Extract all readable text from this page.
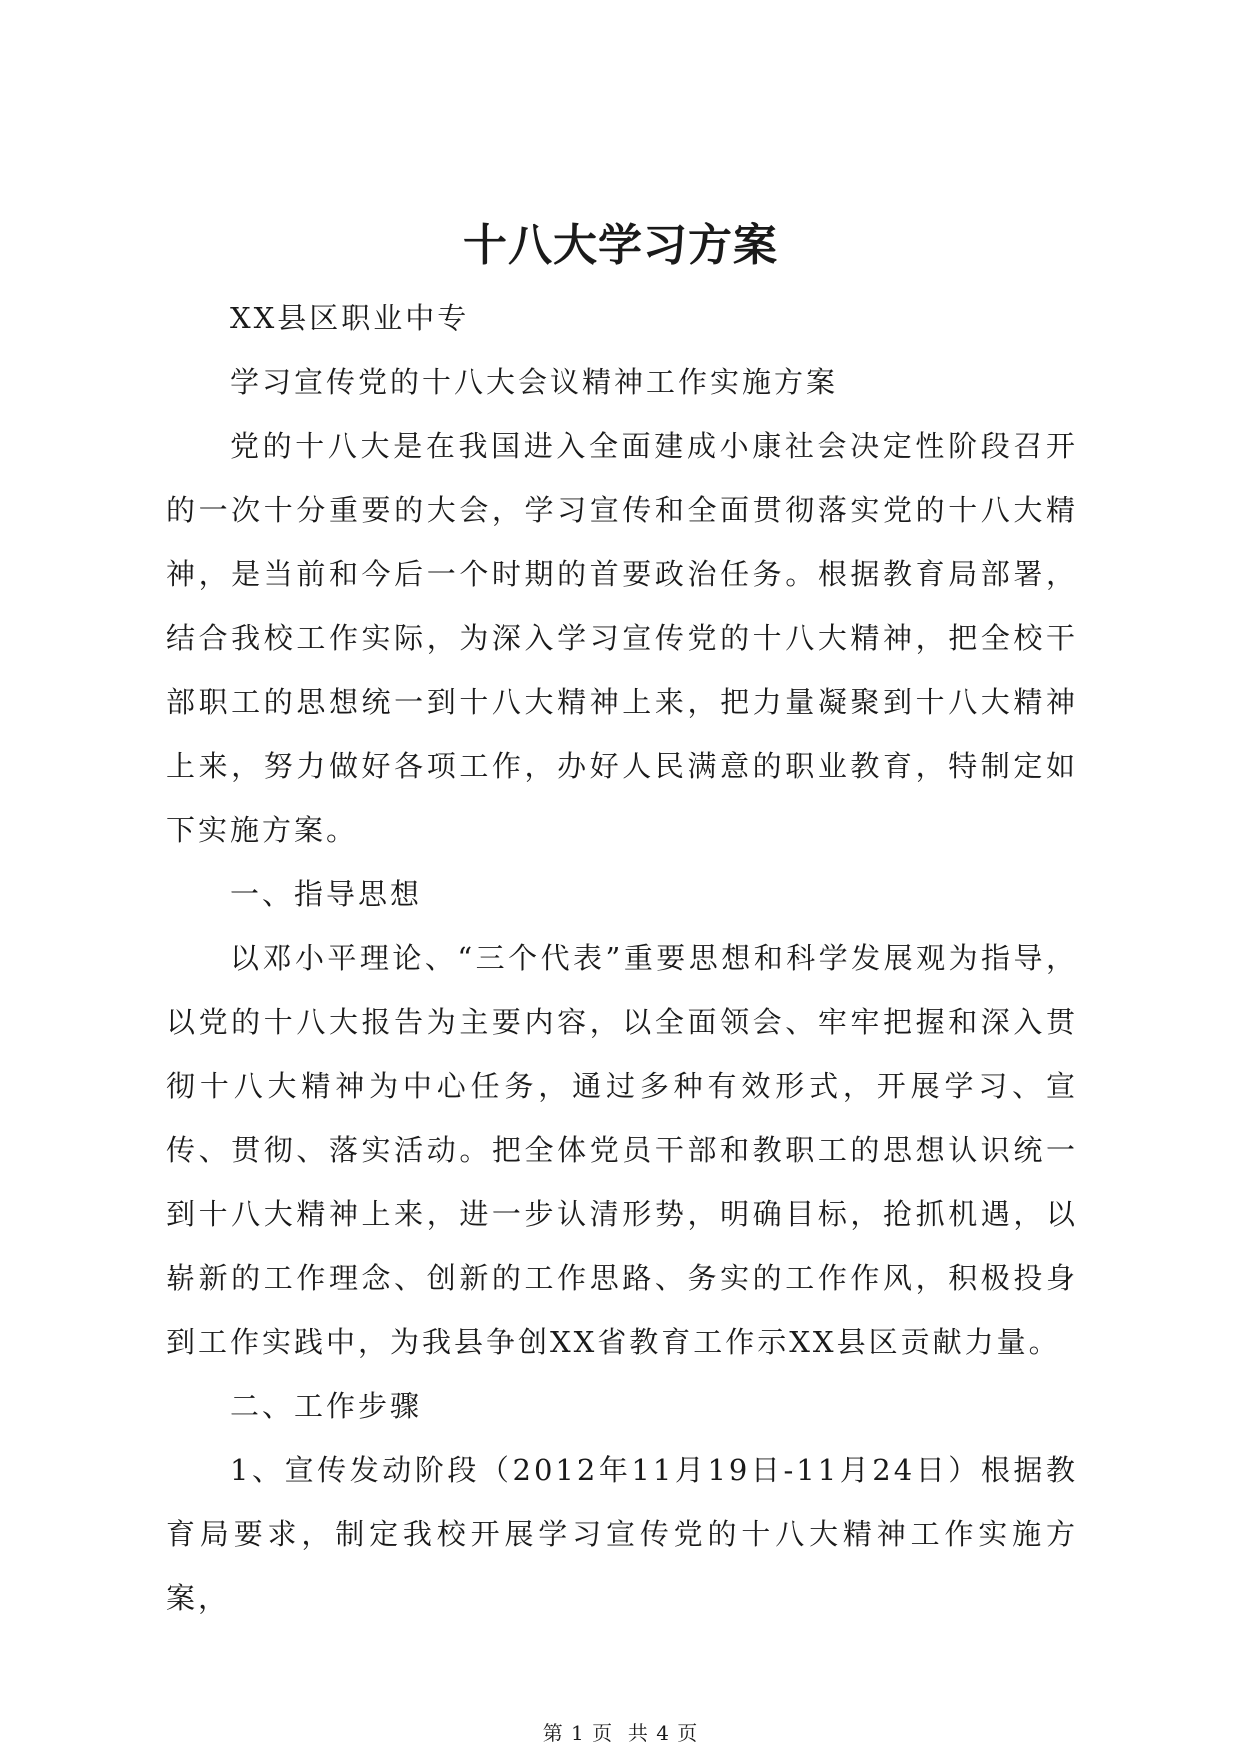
十八大学习方案

XX县区职业中专

学习宣传党的十八大会议精神工作实施方案

党的十八大是在我国进入全面建成小康社会决定性阶段召开的一次十分重要的大会，学习宣传和全面贯彻落实党的十八大精神，是当前和今后一个时期的首要政治任务。根据教育局部署，结合我校工作实际，为深入学习宣传党的十八大精神，把全校干部职工的思想统一到十八大精神上来，把力量凝聚到十八大精神上来，努力做好各项工作，办好人民满意的职业教育，特制定如下实施方案。

一、指导思想

以邓小平理论、“三个代表”重要思想和科学发展观为指导，以党的十八大报告为主要内容，以全面领会、牢牢把握和深入贯彻十八大精神为中心任务，通过多种有效形式，开展学习、宣传、贯彻、落实活动。把全体党员干部和教职工的思想认识统一到十八大精神上来，进一步认清形势，明确目标，抢抓机遇，以崭新的工作理念、创新的工作思路、务实的工作作风，积极投身到工作实践中，为我县争创XX省教育工作示XX县区贡献力量。

二、工作步骤

1、宣传发动阶段（2012年11月19日-11月24日）根据教育局要求，制定我校开展学习宣传党的十八大精神工作实施方案，

第 1 页  共 4 页
